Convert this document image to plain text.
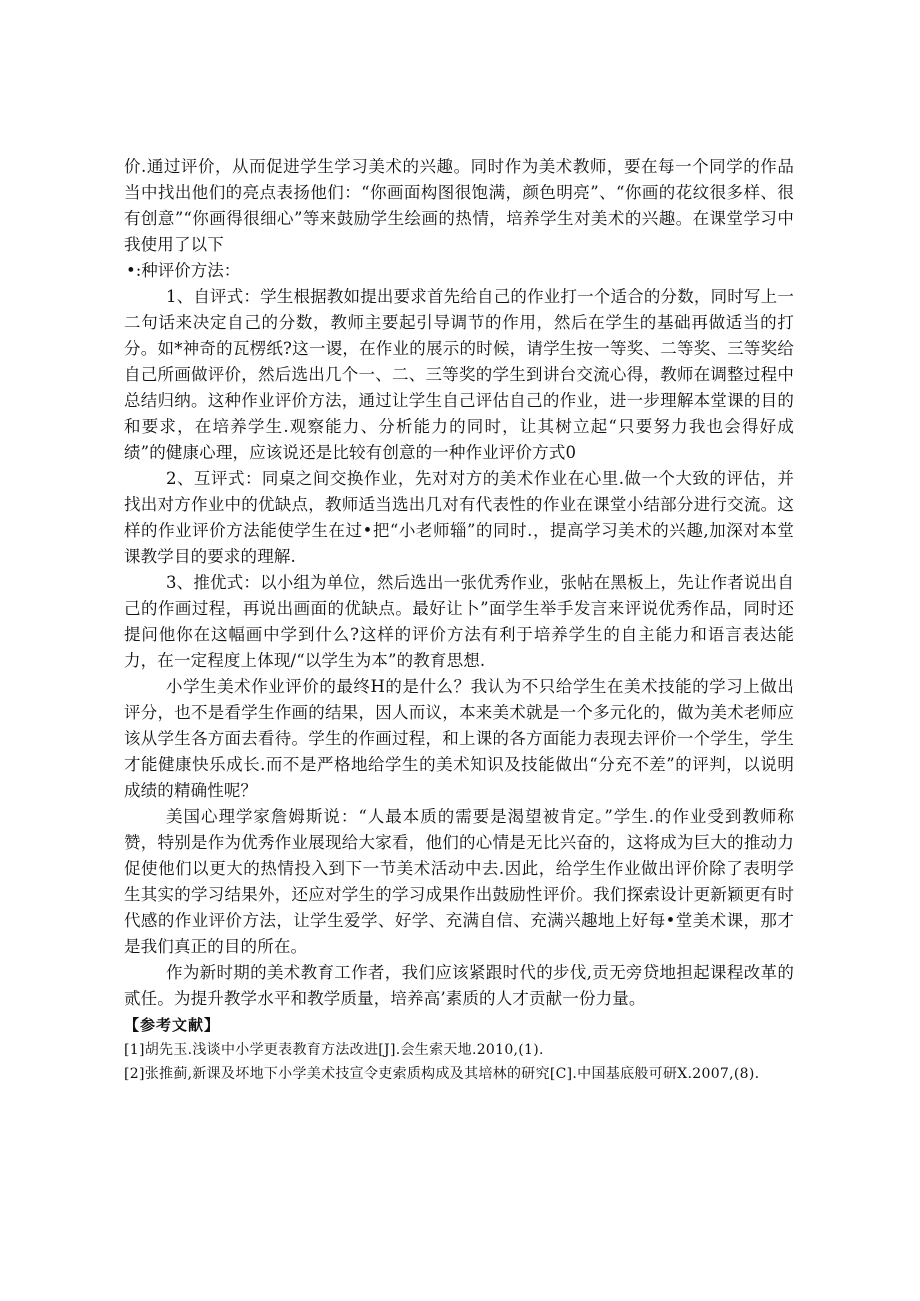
价.通过评价，从而促进学生学习美术的兴趣。同时作为美术教师，要在每一个同学的作品当中找出他们的亮点表扬他们：“你画面构图很饱满，颜色明亮”、“你画的花纹很多样、很有创意”“你画得很细心”等来鼓励学生绘画的热情，培养学生对美术的兴趣。在课堂学习中我使用了以下

•:种评价方法：

1、自评式：学生根据教如提出要求首先给自己的作业打一个适合的分数，同时写上一二句话来决定自己的分数，教师主要起引导调节的作用，然后在学生的基础再做适当的打分。如*神奇的瓦楞纸?这一谡，在作业的展示的时候，请学生按一等奖、二等奖、三等奖给自己所画做评价，然后选出几个一、二、三等奖的学生到讲台交流心得，教师在调整过程中总结归纳。这种作业评价方法，通过让学生自己评估自己的作业，进一步理解本堂课的目的和要求，在培养学生.观察能力、分析能力的同时，让其树立起“只要努力我也会得好成绩”的健康心理，应该说还是比较有创意的一种作业评价方式0

2、互评式：同桌之间交换作业，先对对方的美术作业在心里.做一个大致的评估，并找出对方作业中的优缺点，教师适当选出几对有代表性的作业在课堂小结部分进行交流。这样的作业评价方法能使学生在过•把“小老师辎”的同时.，提高学习美术的兴趣,加深对本堂课教学目的要求的理解.

3、推优式：以小组为单位，然后选出一张优秀作业，张帖在黑板上，先让作者说出自己的作画过程，再说出画面的优缺点。最好让卜”面学生举手发言来评说优秀作品，同时还提问他你在这幅画中学到什么?这样的评价方法有利于培养学生的自主能力和语言表达能力，在一定程度上体现/“以学生为本”的教育思想.

小学生美术作业评价的最终H的是什么？我认为不只给学生在美术技能的学习上做出评分，也不是看学生作画的结果，因人而议，本来美术就是一个多元化的，做为美术老师应该从学生各方面去看待。学生的作画过程，和上课的各方面能力表现去评价一个学生，学生才能健康快乐成长.而不是严格地给学生的美术知识及技能做出“分充不差”的评判，以说明成绩的精确性呢？

美国心理学家詹姆斯说：“人最本质的需要是渴望被肯定。”学生.的作业受到教师称赞，特别是作为优秀作业展现给大家看，他们的心情是无比兴奋的，这将成为巨大的推动力促使他们以更大的热情投入到下一节美术活动中去.因此，给学生作业做出评价除了表明学生其实的学习结果外，还应对学生的学习成果作出鼓励性评价。我们探索设计更新颖更有时代感的作业评价方法，让学生爱学、好学、充满自信、充满兴趣地上好每•堂美术课，那才是我们真正的目的所在。

作为新时期的美术教育工作者，我们应该紧跟时代的步伐,贡无旁贷地担起课程改革的贰任。为提升教学水平和教学质量，培养高’素质的人才贡献一份力量。

【参考文献】

[1]胡先玉.浅谈中小学更表教育方法改进[J].会生索天地.2010,(1).

[2]张推蓟,新课及坏地下小学美术技宣令吏索质构成及其培林的研究[C].中国基底般可研X.2007,(8).
